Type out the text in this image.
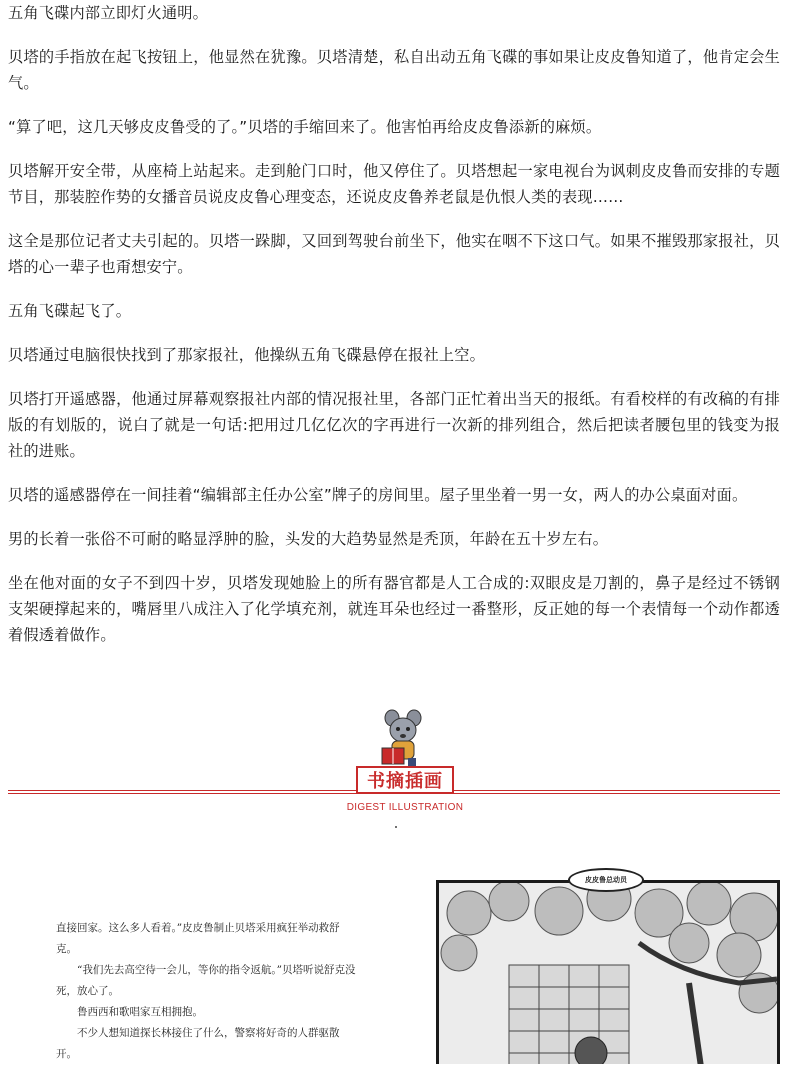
五角飞碟内部立即灯火通明。

贝塔的手指放在起飞按钮上，他显然在犹豫。贝塔清楚，私自出动五角飞碟的事如果让皮皮鲁知道了，他肯定会生气。

“算了吧，这几天够皮皮鲁受的了。”贝塔的手缩回来了。他害怕再给皮皮鲁添新的麻烦。

贝塔解开安全带，从座椅上站起来。走到舱门口时，他又停住了。贝塔想起一家电视台为讽刺皮皮鲁而安排的专题节目，那装腔作势的女播音员说皮皮鲁心理变态，还说皮皮鲁养老鼠是仇恨人类的表现……

这全是那位记者丈夫引起的。贝塔一跺脚，又回到驾驶台前坐下，他实在咽不下这口气。如果不摧毁那家报社，贝塔的心一辈子也甭想安宁。

五角飞碟起飞了。

贝塔通过电脑很快找到了那家报社，他操纵五角飞碟悬停在报社上空。

贝塔打开遥感器，他通过屏幕观察报社内部的情况报社里，各部门正忙着出当天的报纸。有看校样的有改稿的有排版的有划版的，说白了就是一句话:把用过几亿亿次的字再进行一次新的排列组合，然后把读者腰包里的钱变为报社的进账。

贝塔的遥感器停在一间挂着“编辑部主任办公室”牌子的房间里。屋子里坐着一男一女，两人的办公桌面对面。

男的长着一张俗不可耐的略显浮肿的脸，头发的大趋势显然是秃顶，年龄在五十岁左右。

坐在他对面的女子不到四十岁，贝塔发现她脸上的所有器官都是人工合成的:双眼皮是刀割的，鼻子是经过不锈钢支架硬撑起来的，嘴唇里八成注入了化学填充剂，就连耳朵也经过一番整形，反正她的每一个表情每一个动作都透着假透着做作。

书摘插画
DIGEST ILLUSTRATION

直接回家。这么多人看着。”皮皮鲁制止贝塔采用疯狂举动救舒克。

“我们先去高空待一会儿，等你的指令返航。”贝塔听说舒克没死，放心了。

鲁西西和歌唱家互相拥抱。

不少人想知道探长林接住了什么，警察将好奇的人群驱散开。

皮皮鲁总动员
